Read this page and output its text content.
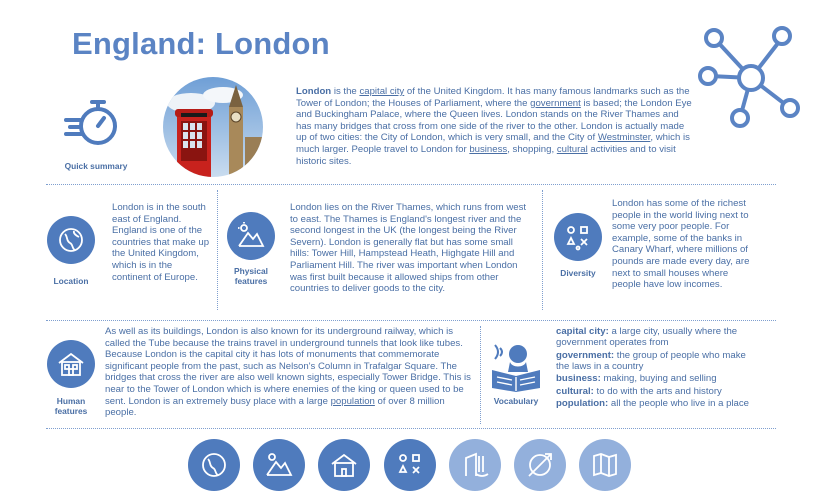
England: London
Quick summary
London is the capital city of the United Kingdom. It has many famous landmarks such as the Tower of London; the Houses of Parliament, where the government is based; the London Eye and Buckingham Palace, where the Queen lives. London stands on the River Thames and has many bridges that cross from one side of the river to the other. London is actually made up of two cities: the City of London, which is very small, and the City of Westminster, which is much larger. People travel to London for business, shopping, cultural activities and to visit historic sites.
Location
London is in the south east of England. England is one of the countries that make up the United Kingdom, which is in the continent of Europe.
Physical features
London lies on the River Thames, which runs from west to east. The Thames is England's longest river and the second longest in the UK (the longest being the River Severn). London is generally flat but has some small hills: Tower Hill, Hampstead Heath, Highgate Hill and Parliament Hill. The river was important when London was first built because it allowed ships from other countries to deliver goods to the city.
Diversity
London has some of the richest people in the world living next to some very poor people. For example, some of the banks in Canary Wharf, where millions of pounds are made every day, are next to small houses where people have low incomes.
Human features
As well as its buildings, London is also known for its underground railway, which is called the Tube because the trains travel in underground tunnels that look like tubes. Because London is the capital city it has lots of monuments that commemorate significant people from the past, such as Nelson's Column in Trafalgar Square. The bridges that cross the river are also well known sights, especially Tower Bridge. This is near to the Tower of London which is where enemies of the king or queen used to be sent. London is an extremely busy place with a large population of over 8 million people.
Vocabulary

capital city: a large city, usually where the government operates from

government: the group of people who make the laws in a country

business: making, buying and selling

cultural: to do with the arts and history

population: all the people who live in a place
